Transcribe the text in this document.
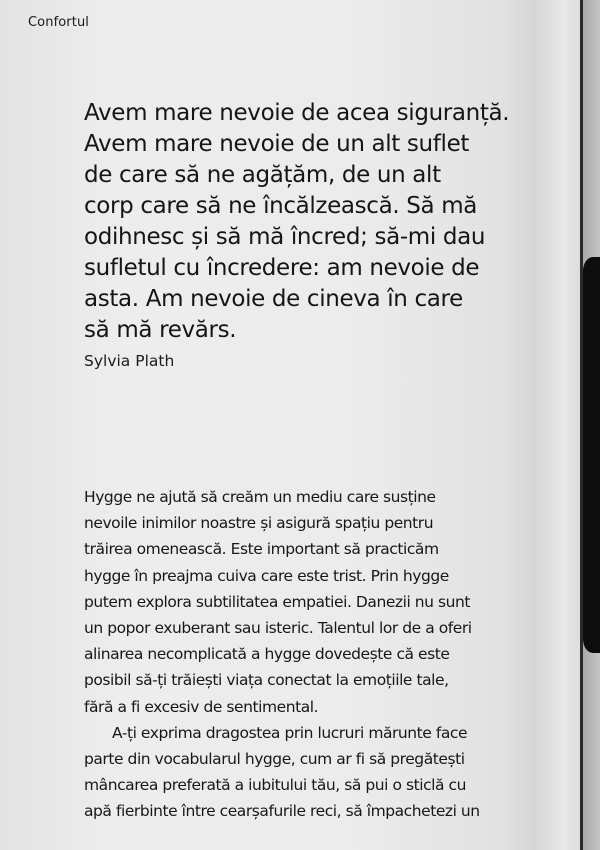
Confortul
Avem mare nevoie de acea siguranță.
Avem mare nevoie de un alt suflet
de care să ne agățăm, de un alt
corp care să ne încălzească. Să mă
odihnesc și să mă încred; să-mi dau
sufletul cu încredere: am nevoie de
asta. Am nevoie de cineva în care
să mă revărs.
Sylvia Plath
Hygge ne ajută să creăm un mediu care susține
nevoile inimilor noastre și asigură spațiu pentru
trăirea omenească. Este important să practicăm
hygge în preajma cuiva care este trist. Prin hygge
putem explora subtilitatea empatiei. Danezii nu sunt
un popor exuberant sau isteric. Talentul lor de a oferi
alinarea necomplicată a hygge dovedește că este
posibil să-ți trăiești viața conectat la emoțiile tale,
fără a fi excesiv de sentimental.
A-ți exprima dragostea prin lucruri mărunte face
parte din vocabularul hygge, cum ar fi să pregătești
mâncarea preferată a iubitului tău, să pui o sticlă cu
apă fierbinte între cearșafurile reci, să împachetezi un
